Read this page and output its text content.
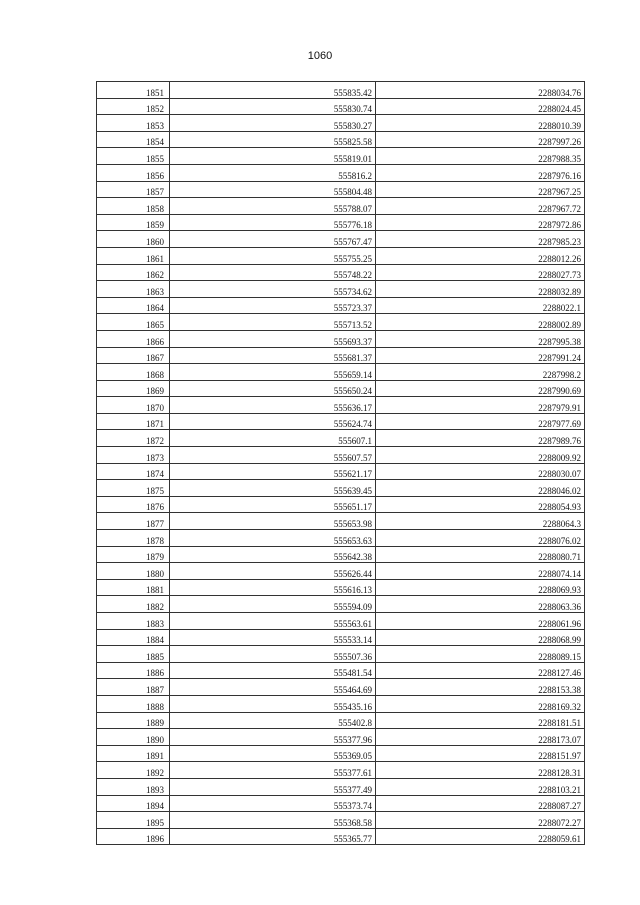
1060
1851	555835.42	2288034.76
1852	555830.74	2288024.45
1853	555830.27	2288010.39
1854	555825.58	2287997.26
1855	555819.01	2287988.35
1856	555816.2	2287976.16
1857	555804.48	2287967.25
1858	555788.07	2287967.72
1859	555776.18	2287972.86
1860	555767.47	2287985.23
1861	555755.25	2288012.26
1862	555748.22	2288027.73
1863	555734.62	2288032.89
1864	555723.37	2288022.1
1865	555713.52	2288002.89
1866	555693.37	2287995.38
1867	555681.37	2287991.24
1868	555659.14	2287998.2
1869	555650.24	2287990.69
1870	555636.17	2287979.91
1871	555624.74	2287977.69
1872	555607.1	2287989.76
1873	555607.57	2288009.92
1874	555621.17	2288030.07
1875	555639.45	2288046.02
1876	555651.17	2288054.93
1877	555653.98	2288064.3
1878	555653.63	2288076.02
1879	555642.38	2288080.71
1880	555626.44	2288074.14
1881	555616.13	2288069.93
1882	555594.09	2288063.36
1883	555563.61	2288061.96
1884	555533.14	2288068.99
1885	555507.36	2288089.15
1886	555481.54	2288127.46
1887	555464.69	2288153.38
1888	555435.16	2288169.32
1889	555402.8	2288181.51
1890	555377.96	2288173.07
1891	555369.05	2288151.97
1892	555377.61	2288128.31
1893	555377.49	2288103.21
1894	555373.74	2288087.27
1895	555368.58	2288072.27
1896	555365.77	2288059.61
